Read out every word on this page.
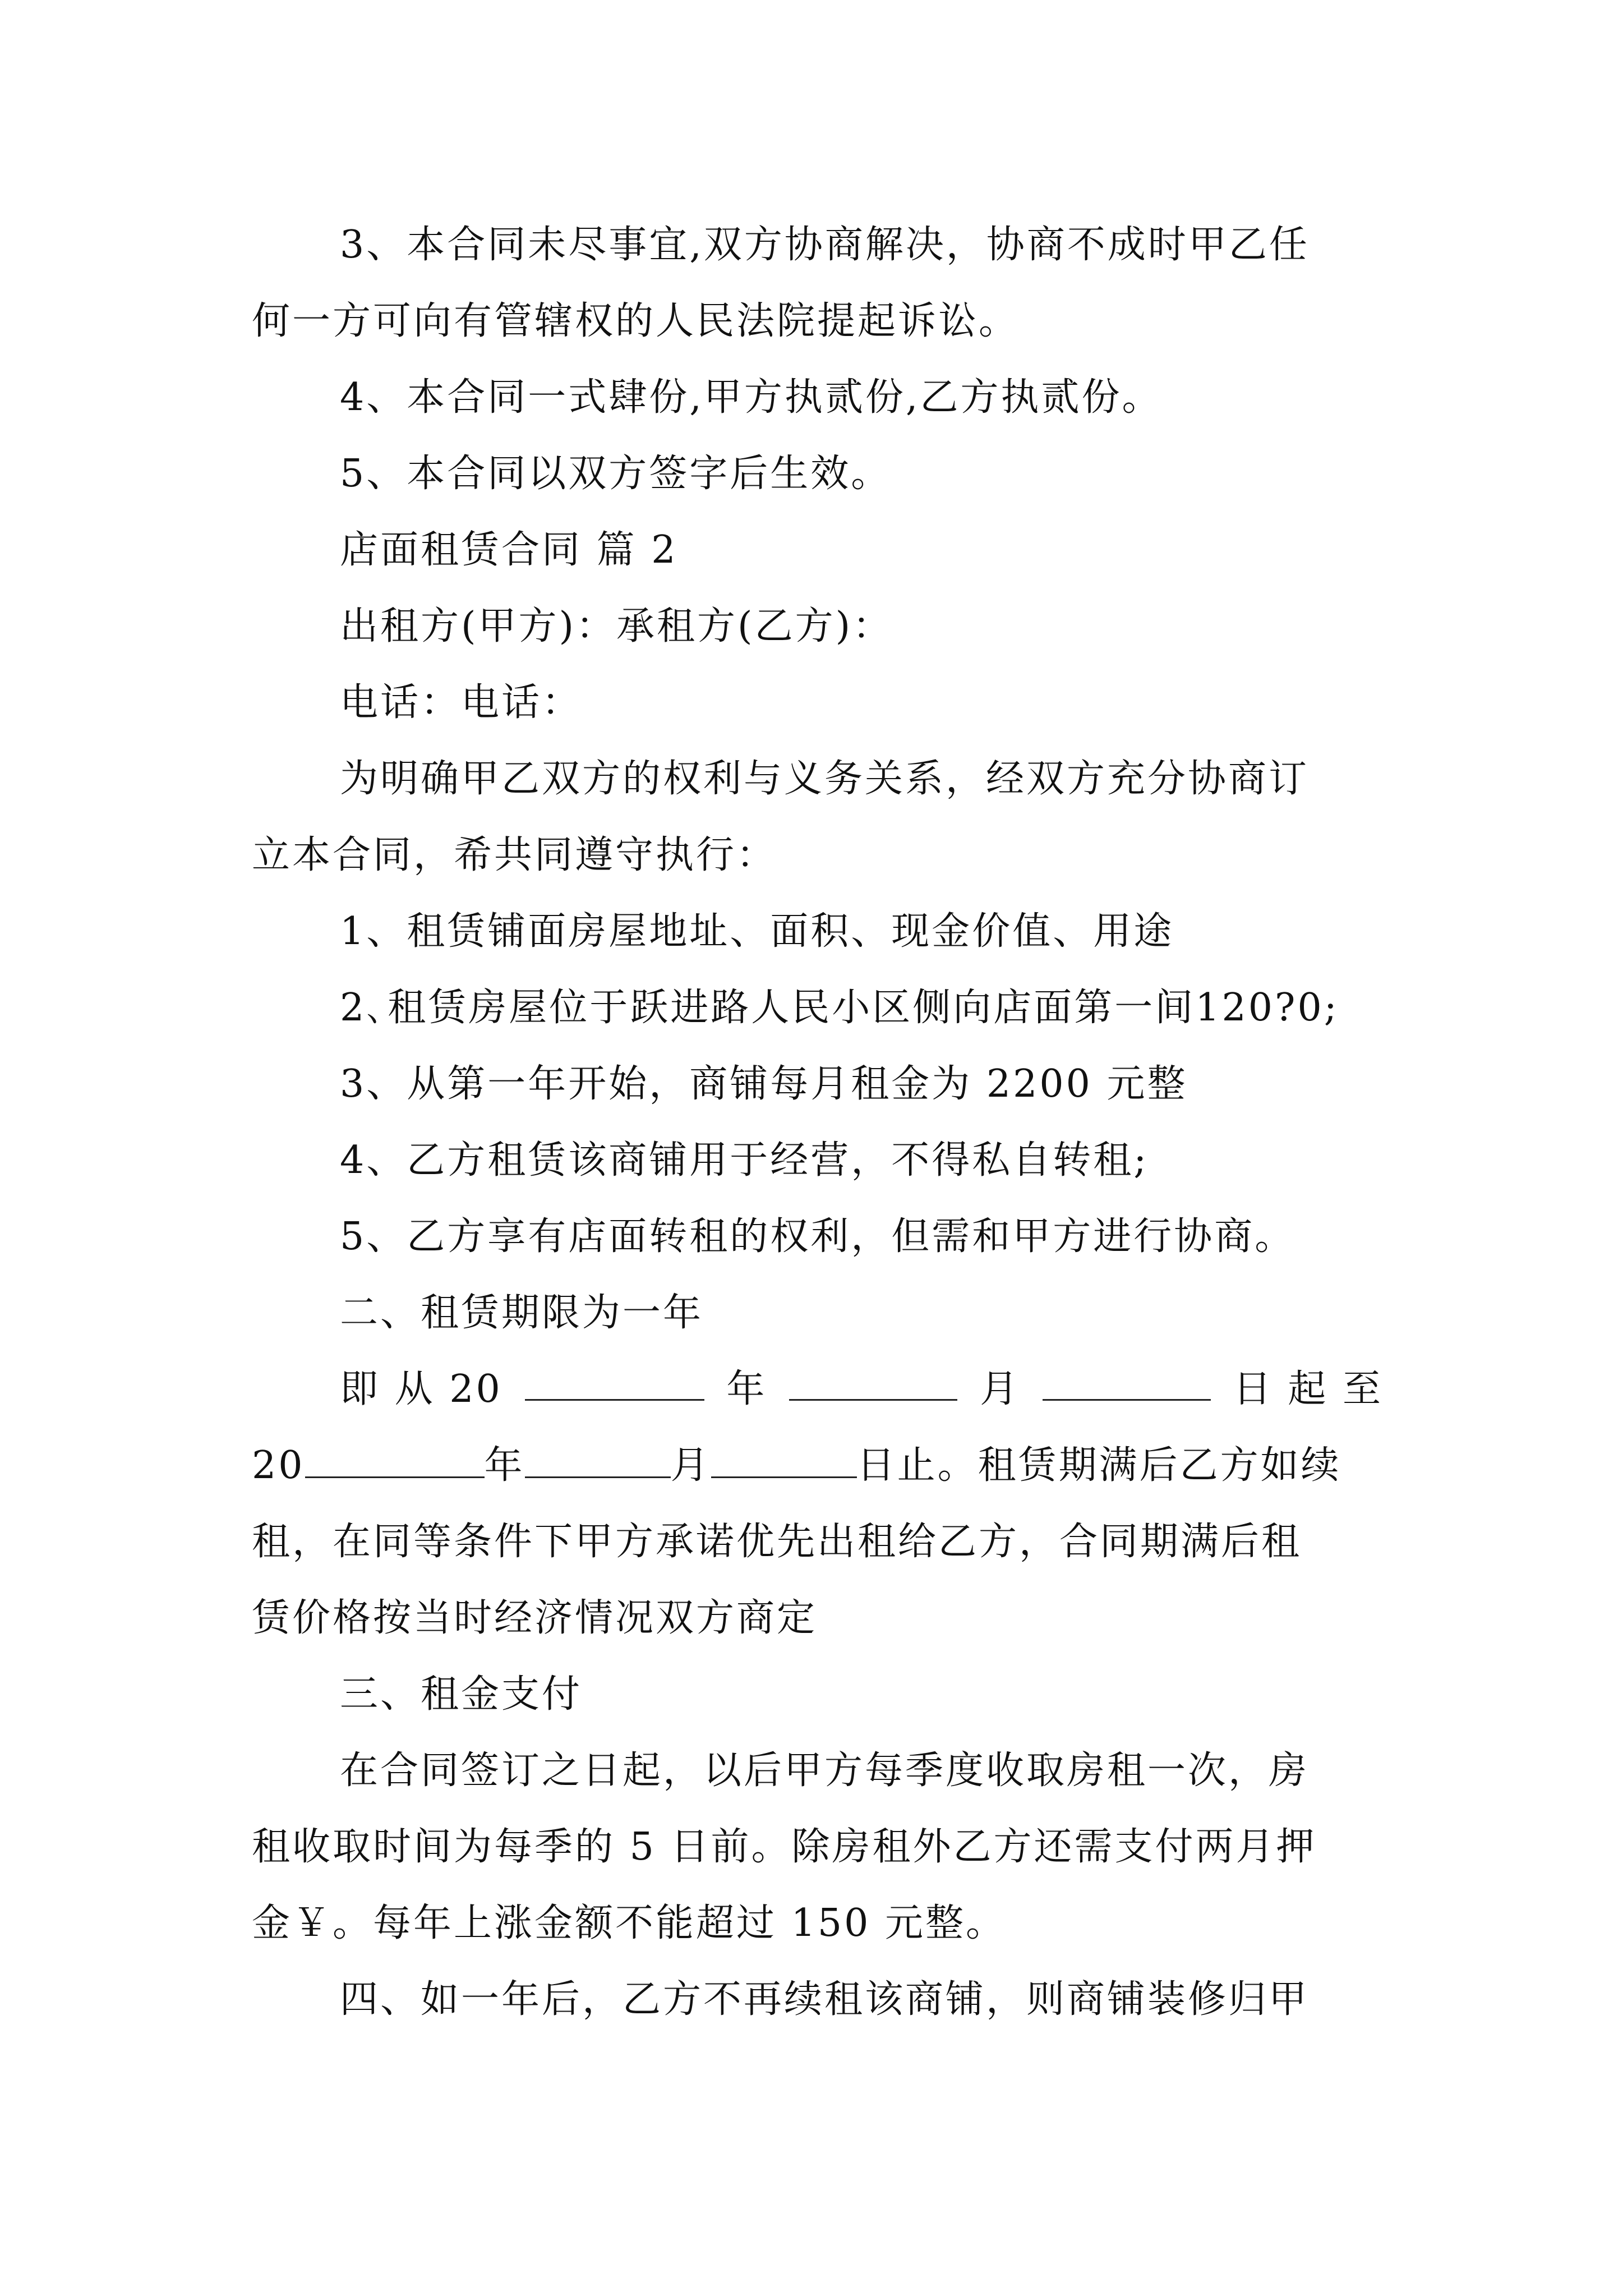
3、本合同未尽事宜,双方协商解决，协商不成时甲乙任
何一方可向有管辖权的人民法院提起诉讼。
4、本合同一式肆份,甲方执贰份,乙方执贰份。
5、本合同以双方签字后生效。
店面租赁合同 篇 2
出租方(甲方)：承租方(乙方)：
电话：电话：
为明确甲乙双方的权利与义务关系，经双方充分协商订
立本合同，希共同遵守执行：
1、租赁铺面房屋地址、面积、现金价值、用途
2､租赁房屋位于跃进路人民小区侧向店面第一间120?0;
3、从第一年开始，商铺每月租金为 2200 元整
4、乙方租赁该商铺用于经营，不得私自转租;
5、乙方享有店面转租的权利，但需和甲方进行协商。
二、租赁期限为一年
即 从 20	年	月	日 起 至
20	年	月	日止。租赁期满后乙方如续
租，在同等条件下甲方承诺优先出租给乙方，合同期满后租
赁价格按当时经济情况双方商定
三、租金支付
在合同签订之日起，以后甲方每季度收取房租一次，房
租收取时间为每季的 5 日前。除房租外乙方还需支付两月押
金￥。每年上涨金额不能超过 150 元整。
四、如一年后，乙方不再续租该商铺，则商铺装修归甲
